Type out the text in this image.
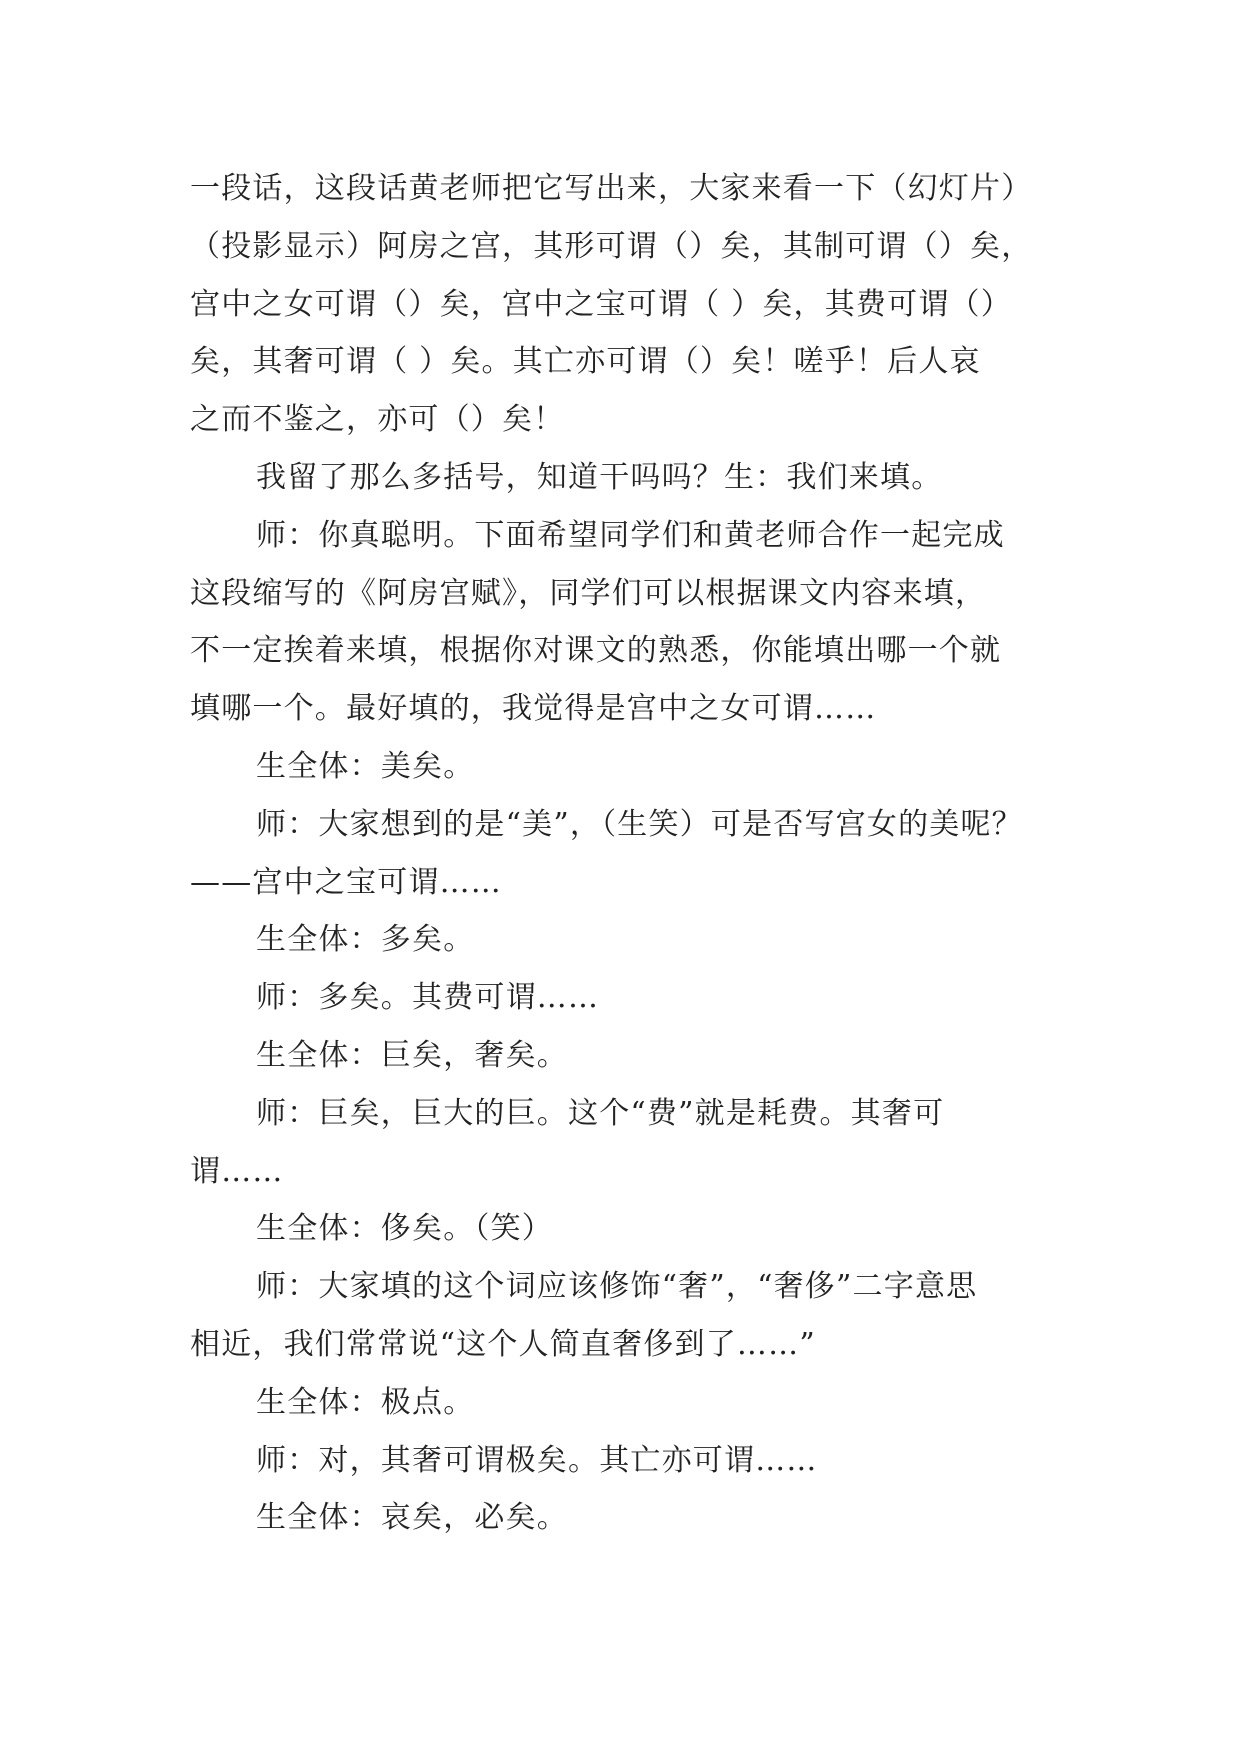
一段话，这段话黄老师把它写出来，大家来看一下（幻灯片）
（投影显示）阿房之宫，其形可谓（）矣，其制可谓（）矣，
宫中之女可谓（）矣，宫中之宝可谓（ ）矣，其费可谓（）
矣，其奢可谓（ ）矣。其亡亦可谓（）矣！嗟乎！后人哀
之而不鉴之，亦可（）矣！
我留了那么多括号，知道干吗吗？生：我们来填。
师：你真聪明。下面希望同学们和黄老师合作一起完成
这段缩写的《阿房宫赋》，同学们可以根据课文内容来填，
不一定挨着来填，根据你对课文的熟悉，你能填出哪一个就
填哪一个。最好填的，我觉得是宫中之女可谓……
生全体：美矣。
师：大家想到的是“美”，（生笑）可是否写宫女的美呢？
——宫中之宝可谓……
生全体：多矣。
师：多矣。其费可谓……
生全体：巨矣，奢矣。
师：巨矣，巨大的巨。这个“费”就是耗费。其奢可
谓……
生全体：侈矣。（笑）
师：大家填的这个词应该修饰“奢”，“奢侈”二字意思
相近，我们常常说“这个人简直奢侈到了……”
生全体：极点。
师：对，其奢可谓极矣。其亡亦可谓……
生全体：哀矣，必矣。
